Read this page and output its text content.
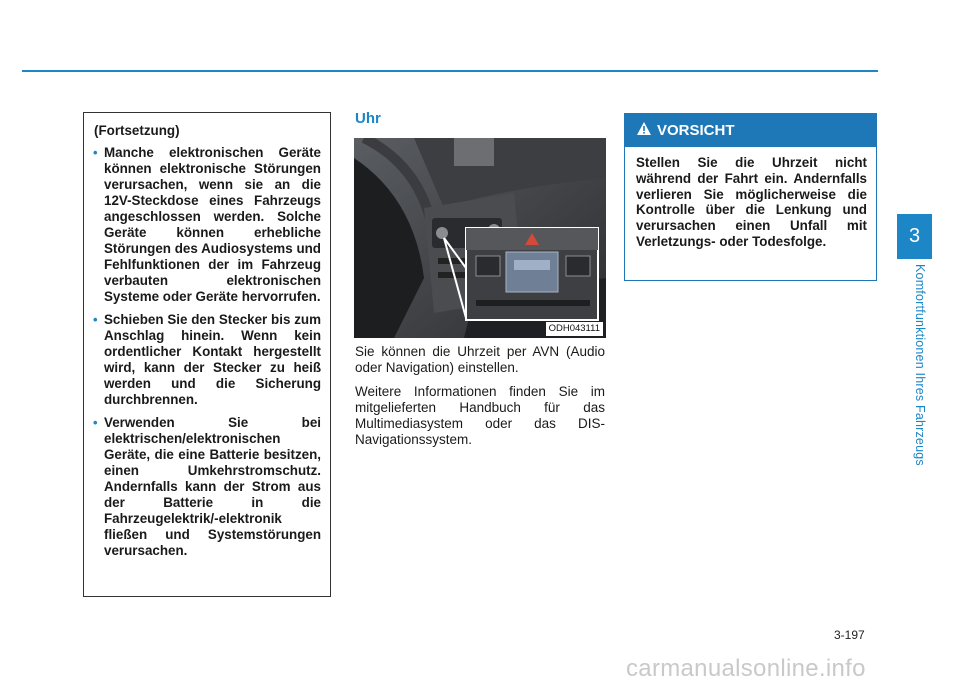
(Fortsetzung)
• Manche elektronischen Geräte können elektronische Störungen verursachen, wenn sie an die 12V-Steckdose eines Fahrzeugs angeschlossen werden. Solche Geräte können erhebliche Störungen des Audiosystems und Fehlfunktionen der im Fahrzeug verbauten elektronischen Systeme oder Geräte hervorrufen.
• Schieben Sie den Stecker bis zum Anschlag hinein. Wenn kein ordentlicher Kontakt hergestellt wird, kann der Stecker zu heiß werden und die Sicherung durchbrennen.
• Verwenden Sie bei elektrischen/elektronischen Geräte, die eine Batterie besitzen, einen Umkehrstromschutz. Andernfalls kann der Strom aus der Batterie in die Fahrzeugelektrik/-elektronik fließen und Systemstörungen verursachen.
Uhr
ODH043111

Sie können die Uhrzeit per AVN (Audio oder Navigation) einstellen.

Weitere Informationen finden Sie im mitgelieferten Handbuch für das Multimediasystem oder das DIS-Navigationssystem.

VORSICHT
Stellen Sie die Uhrzeit nicht während der Fahrt ein. Andernfalls verlieren Sie möglicherweise die Kontrolle über die Lenkung und verursachen einen Unfall mit Verletzungs- oder Todesfolge.	3
Komfortfunktionen Ihres Fahrzeugs
3-197
carmanualsonline.info
